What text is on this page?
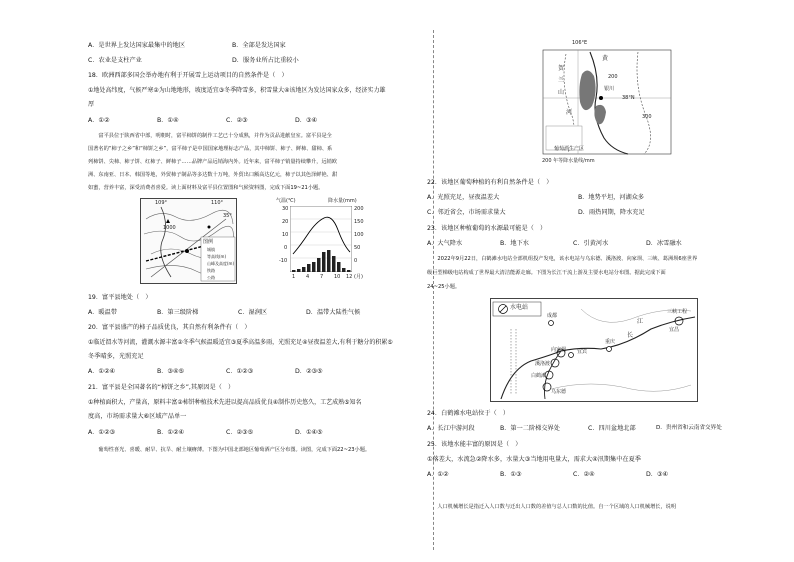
A．是世界上发达国家最集中的地区	B．全部是发达国家
C．农业是支柱产业	D．服务业所占比重较小
18．欧洲西部多国会举办地有利于开展雪上运动项目的自然条件是（　）
①地处高纬度，气候严寒②为山地地形，坡度适宜③冬季降雪多，积雪量大④该地区为发达国家众多，经济实力雄
厚
A．①②	B．①④	C．②③	D．③④
　　富平县位于陕西省中部，明朝时，富平柿饼的制作工艺已十分成熟，并作为贡品进献皇室。富平县是全
国著名的“柿子之乡”和“柿饼之乡”，富平柿子是中国国家地理标志产品，其中柿饼、柿子、鲜柿、甜柿、系
列柿饼、尖柿、柿子饼、红柿子、鲜柿子……品牌产品远销海内外。近年来，富平柿子销量持续攀升，远销欧
洲、东南亚、日本、韩国等地，外贸柿子制品等多达数十万吨，外贸出口额高达亿元，柿子以其色泽鲜艳、甜
如蜜，营养丰富，深受消费者喜爱。读上面材料及富平县位置图和气候资料图，完成下面19~21小题。
109°	110°
35°
1000
图例
城镇
等高线(m)
山峰及高度(m)
铁路
公路
气温(℃)	降水量(mm)
30
20
10
0
-10
200
150
100
50
0
1 4 7 10 12 (月)
19．富平县地处（　）
A．暖温带	B．第三级阶梯	C．湿润区	D．温带大陆性气候
20．富平县盛产的柿子品质优良，其自然有利条件有（　）
①临近渭水等河流，灌溉水源丰富②冬季气候温暖适宜③夏季高温多雨，光照充足④昼夜温差大,有利于糖分的积累⑤
冬季晴多，光照充足
A．①②④	B．③④⑤	C．①②③	D．②③⑤
21．富平县是全国著名的“柿饼之乡”,其原因是（　）
①种植面积大，产量高，原料丰富②柿饼种植技术先进以提高品质优良④制作历史悠久，工艺成熟⑤知名
度高，市场需求量大⑥区域产品单一
A．①②③	B．①②④	C．②③⑤	D．①④⑤
　　葡萄性喜光、喜暖、耐旱、抗旱、耐土壤瘠薄。下图为中国北部地区葡萄酒产区分布图。读图，完成下面22~23小题。
106°E
38°N
贺
兰
山
黄
河
银川
200
300
葡萄酒生产区
200 年等降水量线/mm
22．该地区葡萄种植的有利自然条件是（　）
A．光照充足，昼夜温差大	B．地势平坦，河湖众多
C．邻近省会，市场需求量大	D．雨热同期，降水充足
23．该地区种植葡萄的水源最可能是（　）
A．大气降水	B．地下水	C．引黄河水	D．冰雪融水
　　2022年9月22日，白鹤滩水电站全部机组投产发电，该水电站与乌东德、溪洛渡、向家坝、三峡、葛洲坝6座世界
级巨型梯级电站构成了世界最大清洁能源走廊。下图为长江干流上游及主要水电站分布图。据此完成下面
24~25小题。
水电站
成都
重庆
宜宾
向家坝
溪洛渡
白鹤滩
乌东德
三峡工程
宜昌
江
长
24．白鹤滩水电站位于（　）
A．长江中游河段	B．第一二阶梯交界处	C．四川盆地北部	D．贵州省和云南省交界处
25．该地水能丰富的原因是（　）
①落差大，水流急②降水多，水量大③当地用电量大，需求大④汛期集中在夏季
A．①②	B．①③	C．②④	D．③④
　　人口机械增长是指迁入人口数与迁出人口数的差值与总人口数的比值。自一个区域的人口机械增长，说明
